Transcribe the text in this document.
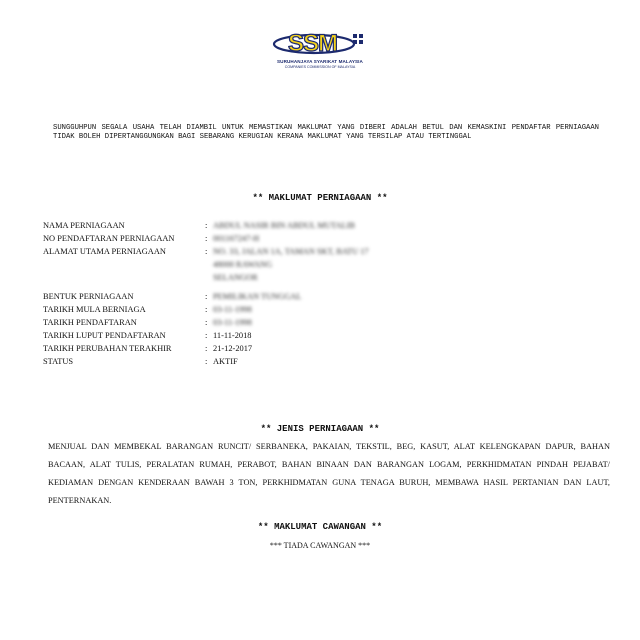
SSM
SURUHANJAYA SYARIKAT MALAYSIA
COMPANIES COMMISSION OF MALAYSIA
SUNGGUHPUN SEGALA USAHA TELAH DIAMBIL UNTUK MEMASTIKAN MAKLUMAT YANG DIBERI ADALAH BETUL DAN KEMASKINI PENDAFTAR PERNIAGAAN TIDAK BOLEH DIPERTANGGUNGKAN BAGI SEBARANG KERUGIAN KERANA MAKLUMAT YANG TERSILAP ATAU TERTINGGAL
** MAKLUMAT PERNIAGAAN **
NAMA PERNIAGAAN	: ABDUL NASIR BIN ABDUL MUTALIB
NO PENDAFTARAN PERNIAGAAN	: 001167247-H
ALAMAT UTAMA PERNIAGAAN	: NO. 33, JALAN 1A, TAMAN SKT, BATU 17
48000 RAWANG
SELANGOR
BENTUK PERNIAGAAN	: PEMILIKAN TUNGGAL
TARIKH MULA BERNIAGA	: 03-11-1998
TARIKH PENDAFTARAN	: 03-11-1998
TARIKH LUPUT PENDAFTARAN	: 11-11-2018
TARIKH PERUBAHAN TERAKHIR	: 21-12-2017
STATUS	: AKTIF
** JENIS PERNIAGAAN **
MENJUAL DAN MEMBEKAL BARANGAN RUNCIT/ SERBANEKA, PAKAIAN, TEKSTIL, BEG, KASUT, ALAT KELENGKAPAN DAPUR, BAHAN BACAAN, ALAT TULIS, PERALATAN RUMAH, PERABOT, BAHAN BINAAN DAN BARANGAN LOGAM, PERKHIDMATAN PINDAH PEJABAT/ KEDIAMAN DENGAN KENDERAAN BAWAH 3 TON, PERKHIDMATAN GUNA TENAGA BURUH, MEMBAWA HASIL PERTANIAN DAN LAUT, PENTERNAKAN.
** MAKLUMAT CAWANGAN **
*** TIADA CAWANGAN ***
